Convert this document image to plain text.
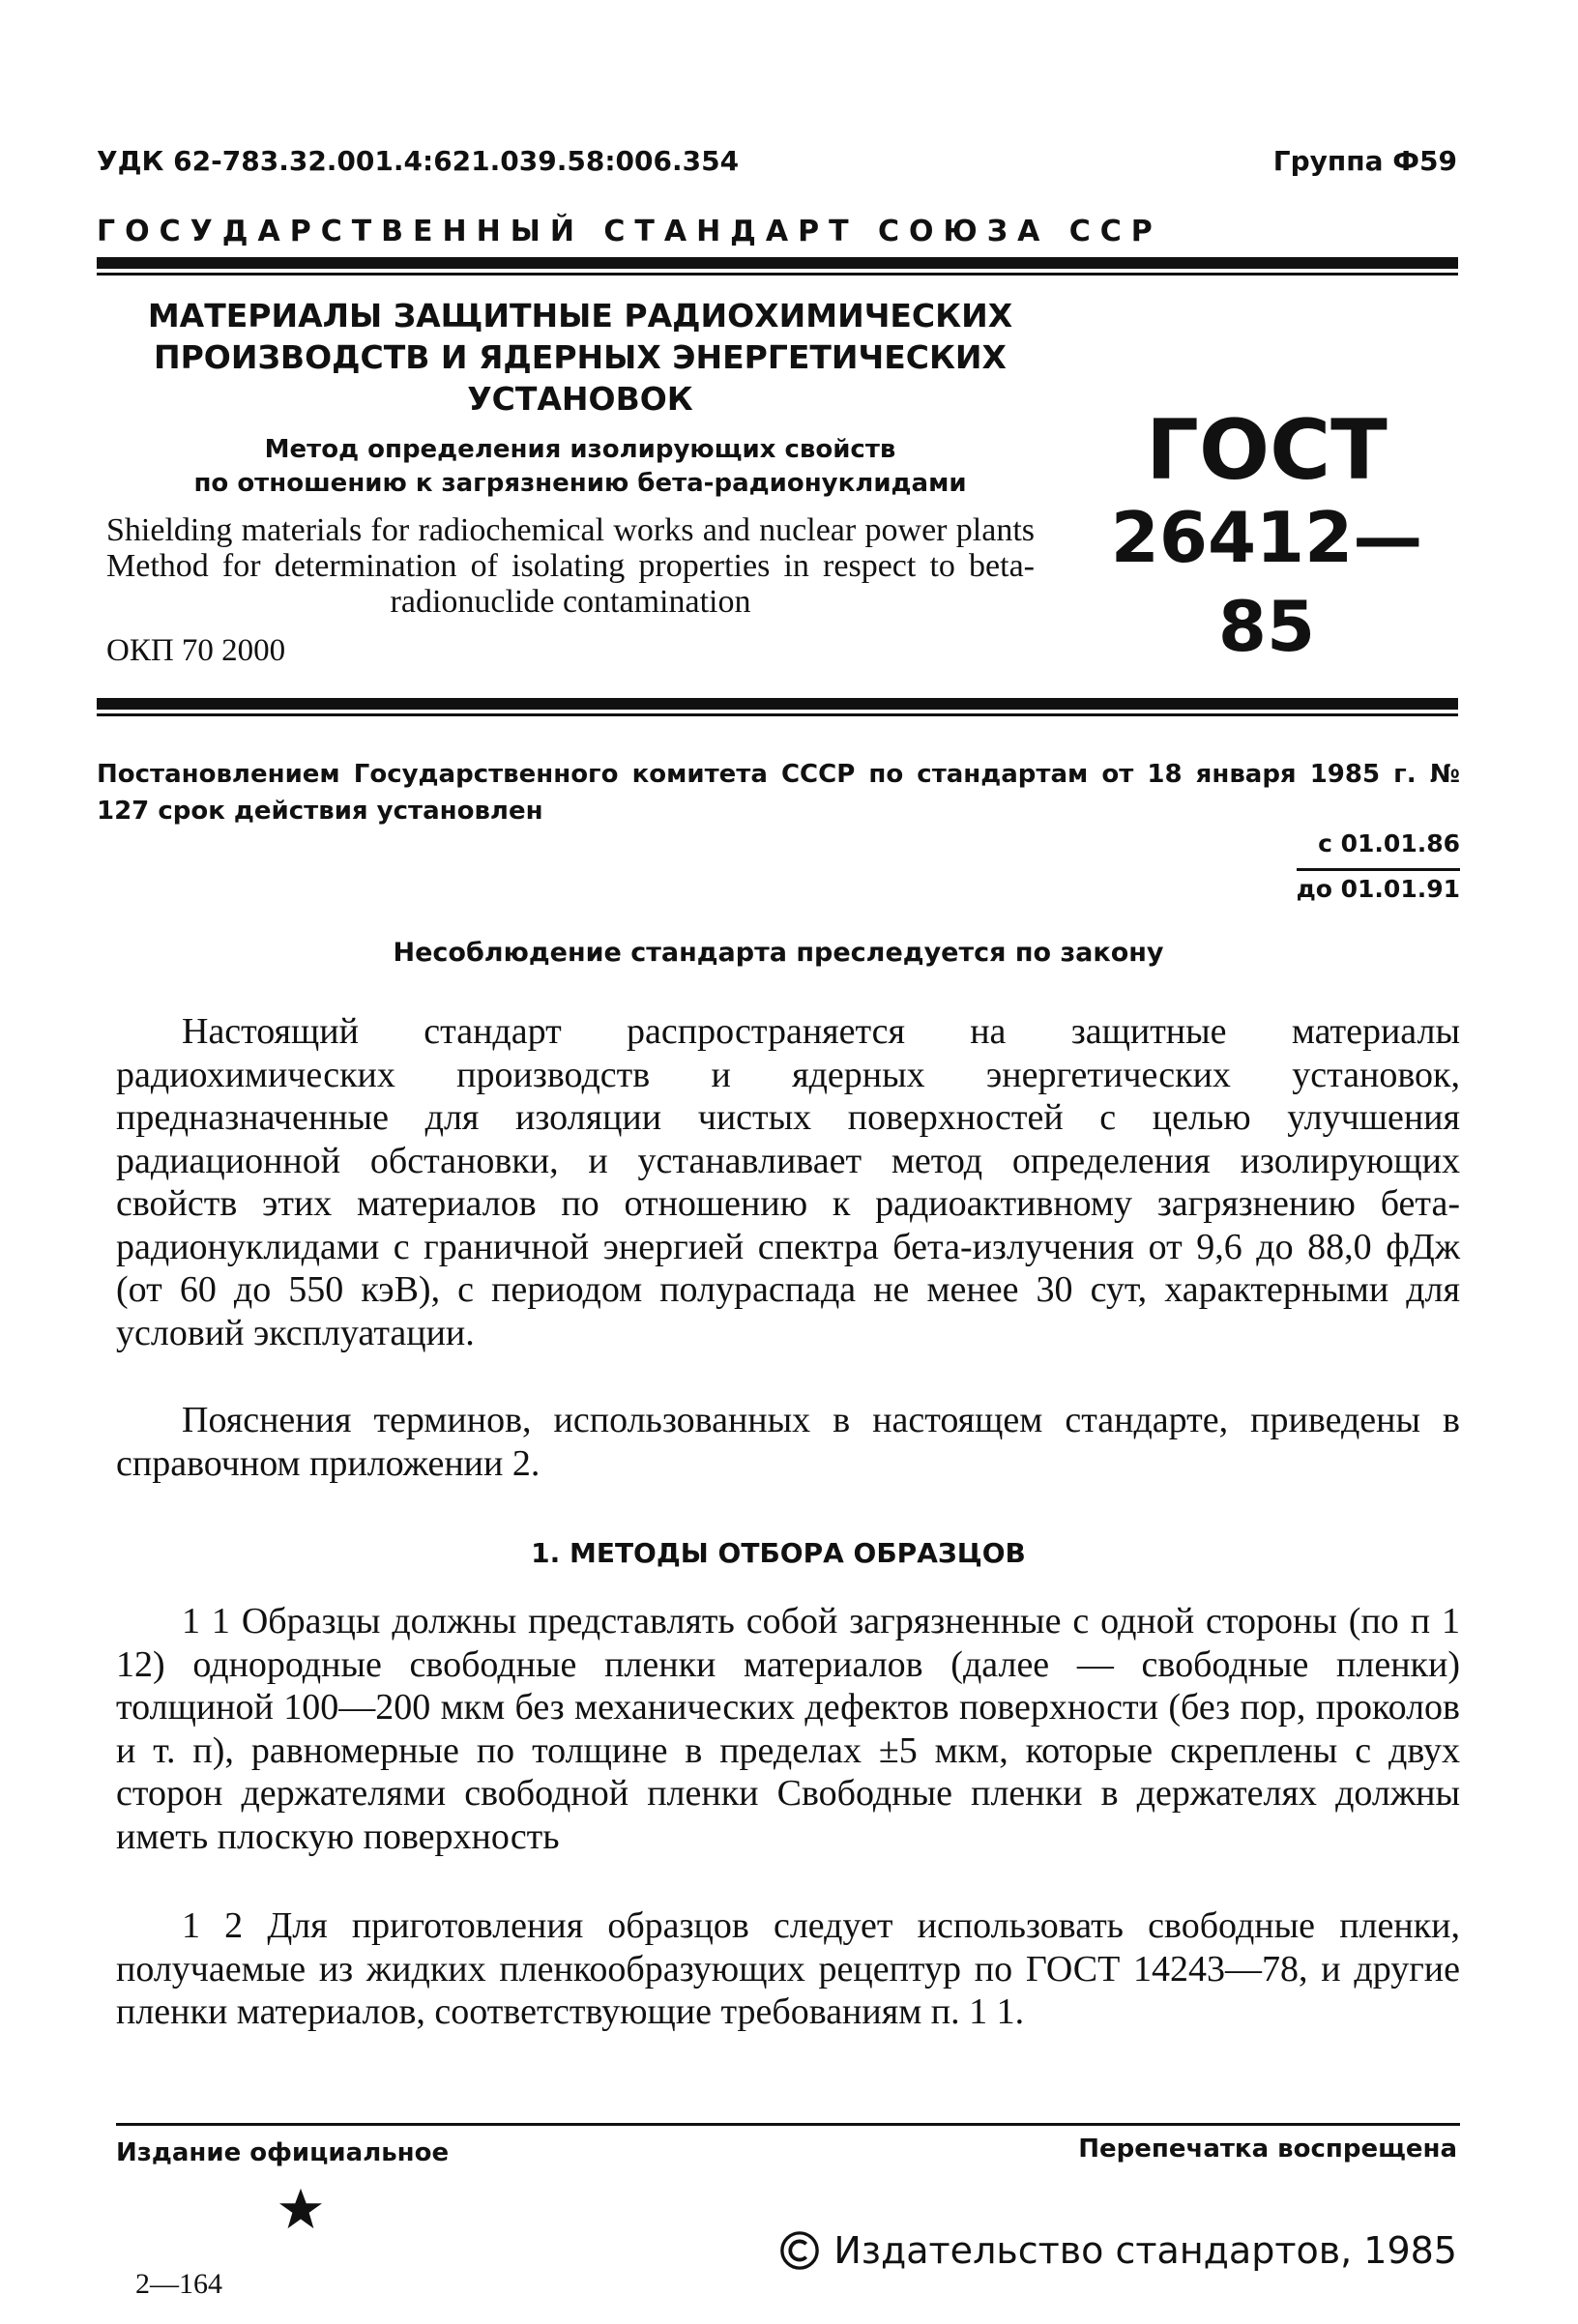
УДК 62-783.32.001.4:621.039.58:006.354	Группа Ф59
ГОСУДАРСТВЕННЫЙ СТАНДАРТ СОЮЗА ССР
МАТЕРИАЛЫ ЗАЩИТНЫЕ РАДИОХИМИЧЕСКИХ
ПРОИЗВОДСТВ И ЯДЕРНЫХ ЭНЕРГЕТИЧЕСКИХ
УСТАНОВОК
Метод определения изолирующих свойств
по отношению к загрязнению бета-радионуклидами
Shielding materials for radiochemical works and nuclear power plants Method for determination of isolating properties in respect to beta-radionuclide contamination
ОКП 70 2000
ГОСТ
26412—85
Постановлением Государственного комитета СССР по стандартам от 18 января 1985 г. № 127 срок действия установлен
с 01.01.86
до 01.01.91
Несоблюдение стандарта преследуется по закону
Настоящий стандарт распространяется на защитные материалы радиохимических производств и ядерных энергетических установок, предназначенные для изоляции чистых поверхностей с целью улучшения радиационной обстановки, и устанавливает метод определения изолирующих свойств этих материалов по отношению к радиоактивному загрязнению бета-радионуклидами с граничной энергией спектра бета-излучения от 9,6 до 88,0 фДж (от 60 до 550 кэВ), с периодом полураспада не менее 30 сут, характерными для условий эксплуатации.
Пояснения терминов, использованных в настоящем стандарте, приведены в справочном приложении 2.
1. МЕТОДЫ ОТБОРА ОБРАЗЦОВ
1 1 Образцы должны представлять собой загрязненные с одной стороны (по п 1 12) однородные свободные пленки материалов (далее — свободные пленки) толщиной 100—200 мкм без механических дефектов поверхности (без пор, проколов и т. п), равномерные по толщине в пределах ±5 мкм, которые скреплены с двух сторон держателями свободной пленки Свободные пленки в держателях должны иметь плоскую поверхность
1 2 Для приготовления образцов следует использовать свободные пленки, получаемые из жидких пленкообразующих рецептур по ГОСТ 14243—78, и другие пленки материалов, соответствующие требованиям п. 1 1.
Издание официальное	Перепечатка воспрещена
Издательство стандартов, 1985
2—164
